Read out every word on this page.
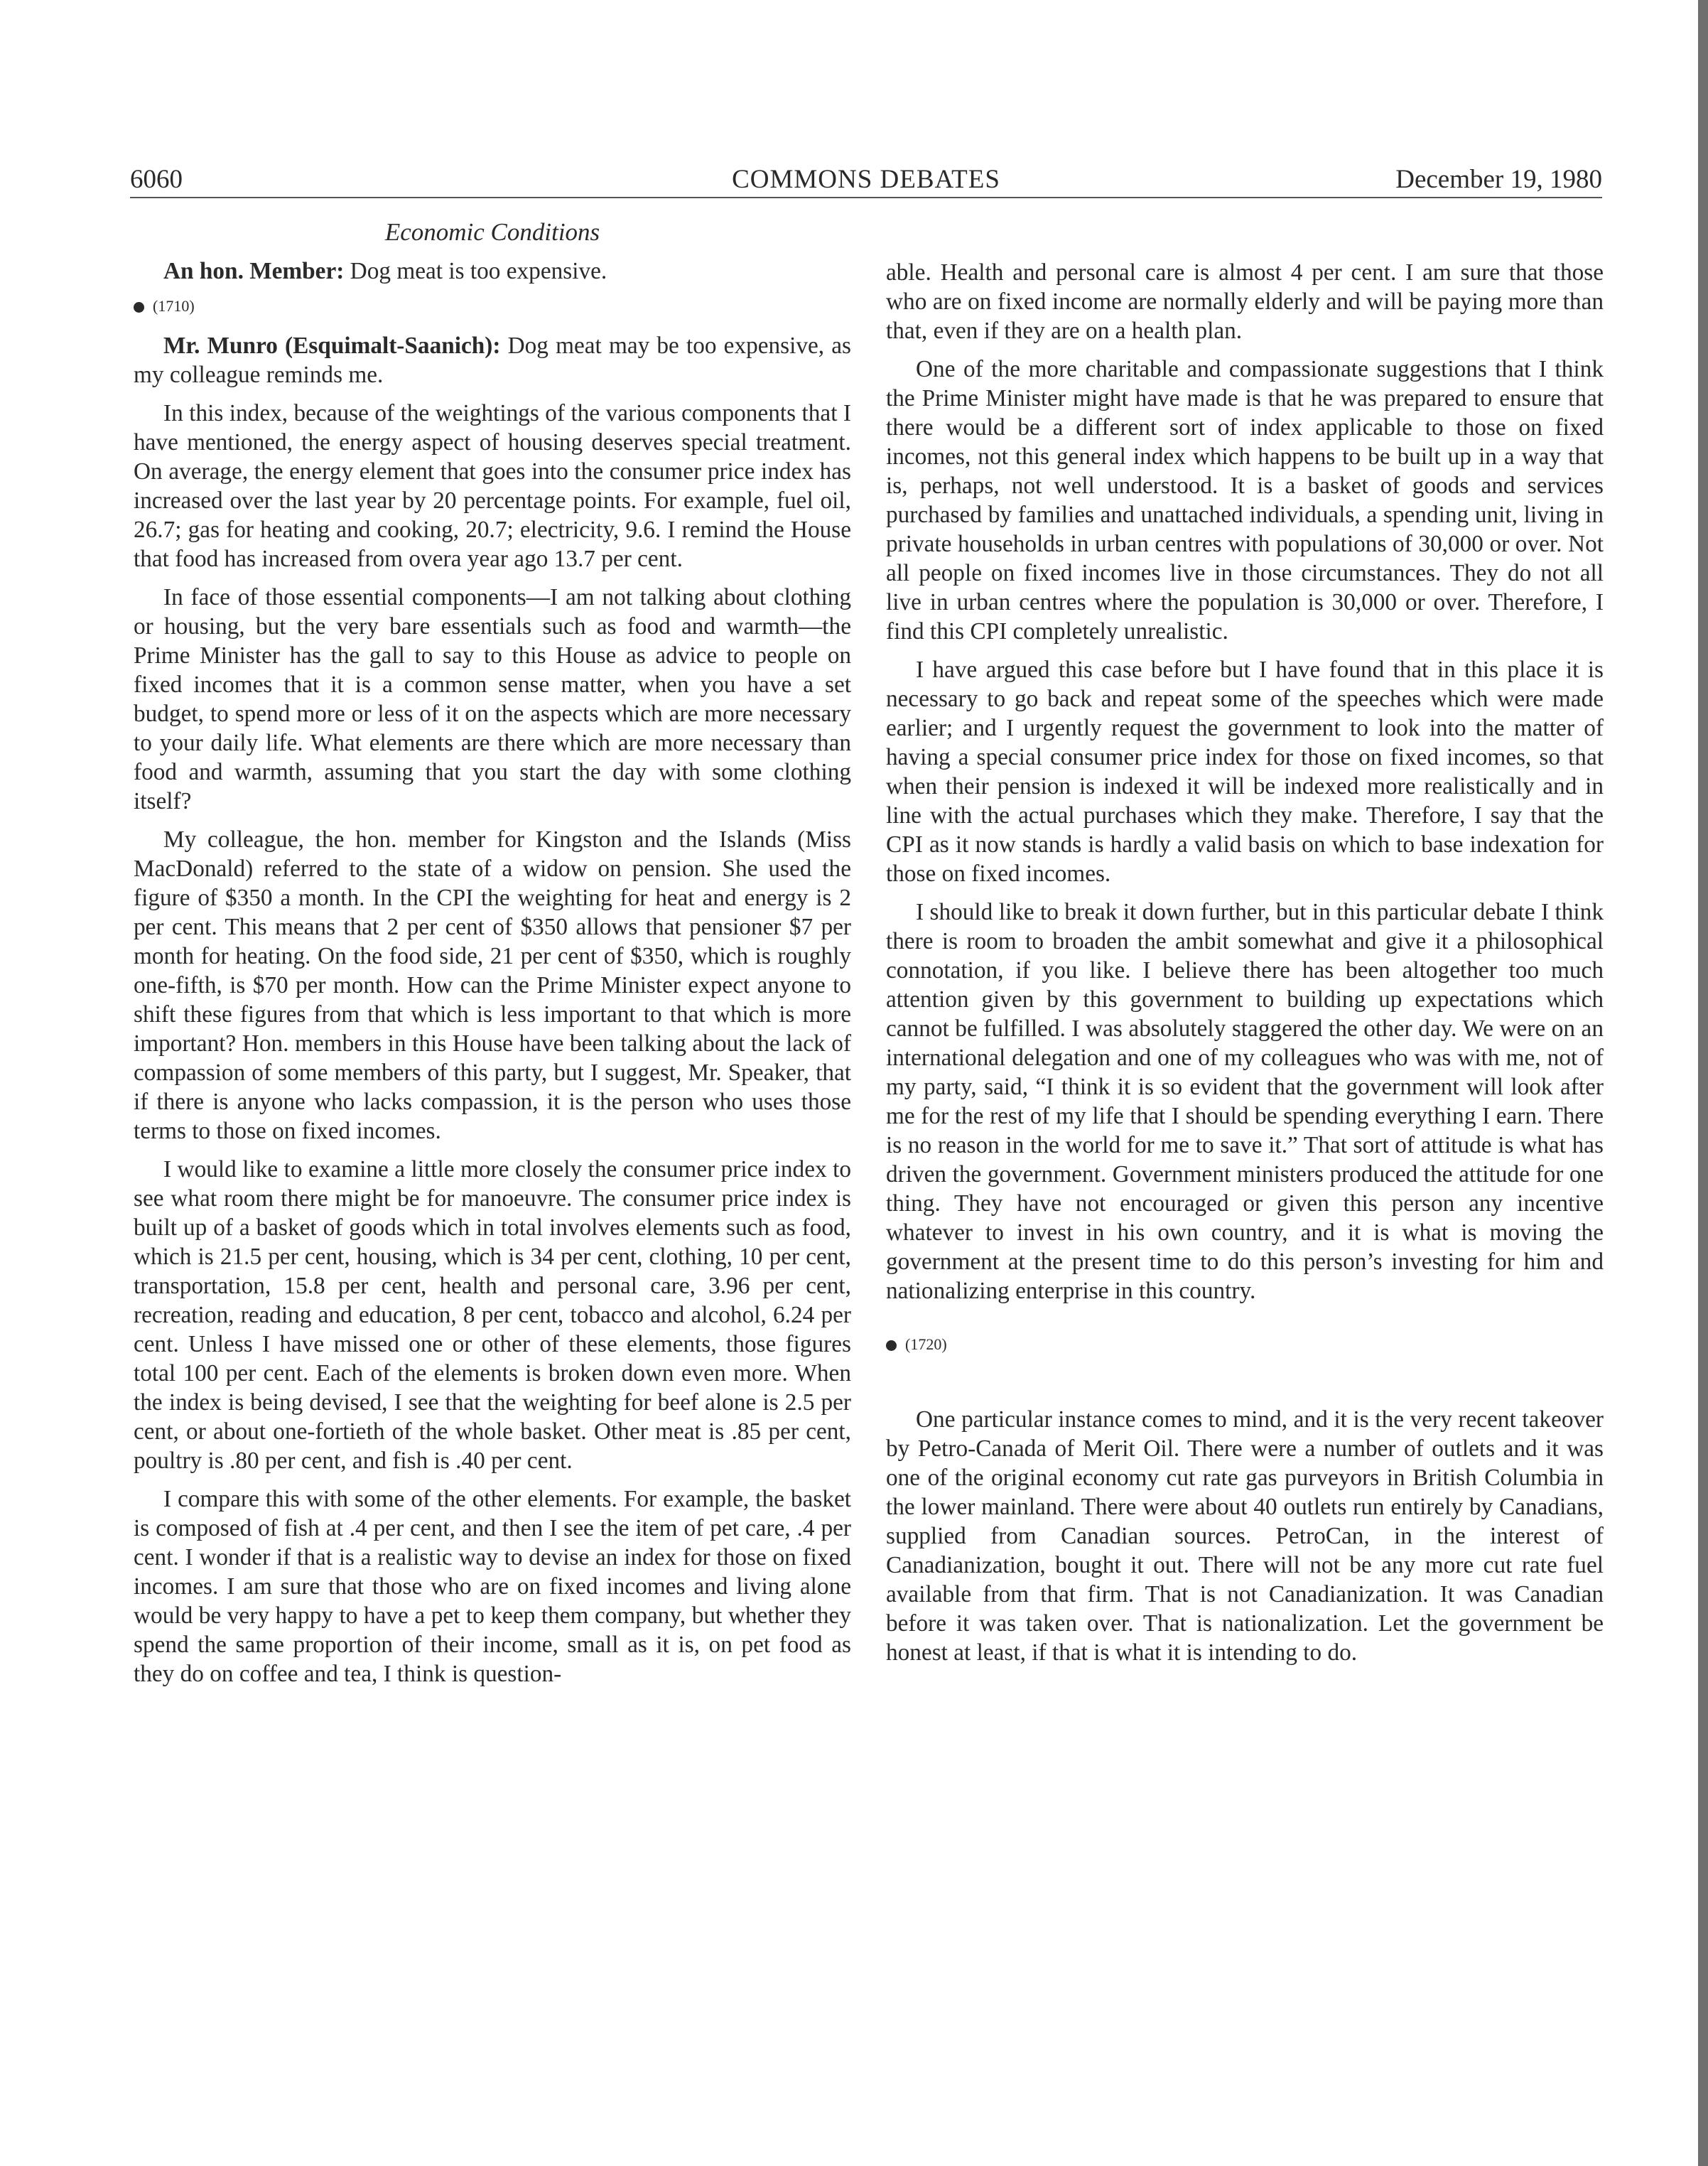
6060	COMMONS DEBATES	December 19, 1980
Economic Conditions

An hon. Member: Dog meat is too expensive.

(1710)

Mr. Munro (Esquimalt-Saanich): Dog meat may be too expensive, as my colleague reminds me.

In this index, because of the weightings of the various components that I have mentioned, the energy aspect of housing deserves special treatment. On average, the energy element that goes into the consumer price index has increased over the last year by 20 percentage points. For example, fuel oil, 26.7; gas for heating and cooking, 20.7; electricity, 9.6. I remind the House that food has increased from overa year ago 13.7 per cent.

In face of those essential components—I am not talking about clothing or housing, but the very bare essentials such as food and warmth—the Prime Minister has the gall to say to this House as advice to people on fixed incomes that it is a common sense matter, when you have a set budget, to spend more or less of it on the aspects which are more necessary to your daily life. What elements are there which are more necessary than food and warmth, assuming that you start the day with some clothing itself?

My colleague, the hon. member for Kingston and the Islands (Miss MacDonald) referred to the state of a widow on pension. She used the figure of $350 a month. In the CPI the weighting for heat and energy is 2 per cent. This means that 2 per cent of $350 allows that pensioner $7 per month for heating. On the food side, 21 per cent of $350, which is roughly one-fifth, is $70 per month. How can the Prime Minister expect anyone to shift these figures from that which is less important to that which is more important? Hon. members in this House have been talking about the lack of compassion of some members of this party, but I suggest, Mr. Speaker, that if there is anyone who lacks compassion, it is the person who uses those terms to those on fixed incomes.

I would like to examine a little more closely the consumer price index to see what room there might be for manoeuvre. The consumer price index is built up of a basket of goods which in total involves elements such as food, which is 21.5 per cent, housing, which is 34 per cent, clothing, 10 per cent, transportation, 15.8 per cent, health and personal care, 3.96 per cent, recreation, reading and education, 8 per cent, tobacco and alcohol, 6.24 per cent. Unless I have missed one or other of these elements, those figures total 100 per cent. Each of the elements is broken down even more. When the index is being devised, I see that the weighting for beef alone is 2.5 per cent, or about one-fortieth of the whole basket. Other meat is .85 per cent, poultry is .80 per cent, and fish is .40 per cent.

I compare this with some of the other elements. For example, the basket is composed of fish at .4 per cent, and then I see the item of pet care, .4 per cent. I wonder if that is a realistic way to devise an index for those on fixed incomes. I am sure that those who are on fixed incomes and living alone would be very happy to have a pet to keep them company, but whether they spend the same proportion of their income, small as it is, on pet food as they do on coffee and tea, I think is question-

able. Health and personal care is almost 4 per cent. I am sure that those who are on fixed income are normally elderly and will be paying more than that, even if they are on a health plan.

One of the more charitable and compassionate suggestions that I think the Prime Minister might have made is that he was prepared to ensure that there would be a different sort of index applicable to those on fixed incomes, not this general index which happens to be built up in a way that is, perhaps, not well understood. It is a basket of goods and services purchased by families and unattached individuals, a spending unit, living in private households in urban centres with populations of 30,000 or over. Not all people on fixed incomes live in those circumstances. They do not all live in urban centres where the population is 30,000 or over. Therefore, I find this CPI completely unrealistic.

I have argued this case before but I have found that in this place it is necessary to go back and repeat some of the speeches which were made earlier; and I urgently request the government to look into the matter of having a special consumer price index for those on fixed incomes, so that when their pension is indexed it will be indexed more realistically and in line with the actual purchases which they make. Therefore, I say that the CPI as it now stands is hardly a valid basis on which to base indexation for those on fixed incomes.

I should like to break it down further, but in this particular debate I think there is room to broaden the ambit somewhat and give it a philosophical connotation, if you like. I believe there has been altogether too much attention given by this government to building up expectations which cannot be fulfilled. I was absolutely staggered the other day. We were on an international delegation and one of my colleagues who was with me, not of my party, said, “I think it is so evident that the government will look after me for the rest of my life that I should be spending everything I earn. There is no reason in the world for me to save it.” That sort of attitude is what has driven the government. Government ministers produced the attitude for one thing. They have not encouraged or given this person any incentive whatever to invest in his own country, and it is what is moving the government at the present time to do this person’s investing for him and nationalizing enterprise in this country.

(1720)

One particular instance comes to mind, and it is the very recent takeover by Petro-Canada of Merit Oil. There were a number of outlets and it was one of the original economy cut rate gas purveyors in British Columbia in the lower mainland. There were about 40 outlets run entirely by Canadians, supplied from Canadian sources. PetroCan, in the interest of Canadianization, bought it out. There will not be any more cut rate fuel available from that firm. That is not Canadianization. It was Canadian before it was taken over. That is nationalization. Let the government be honest at least, if that is what it is intending to do.
